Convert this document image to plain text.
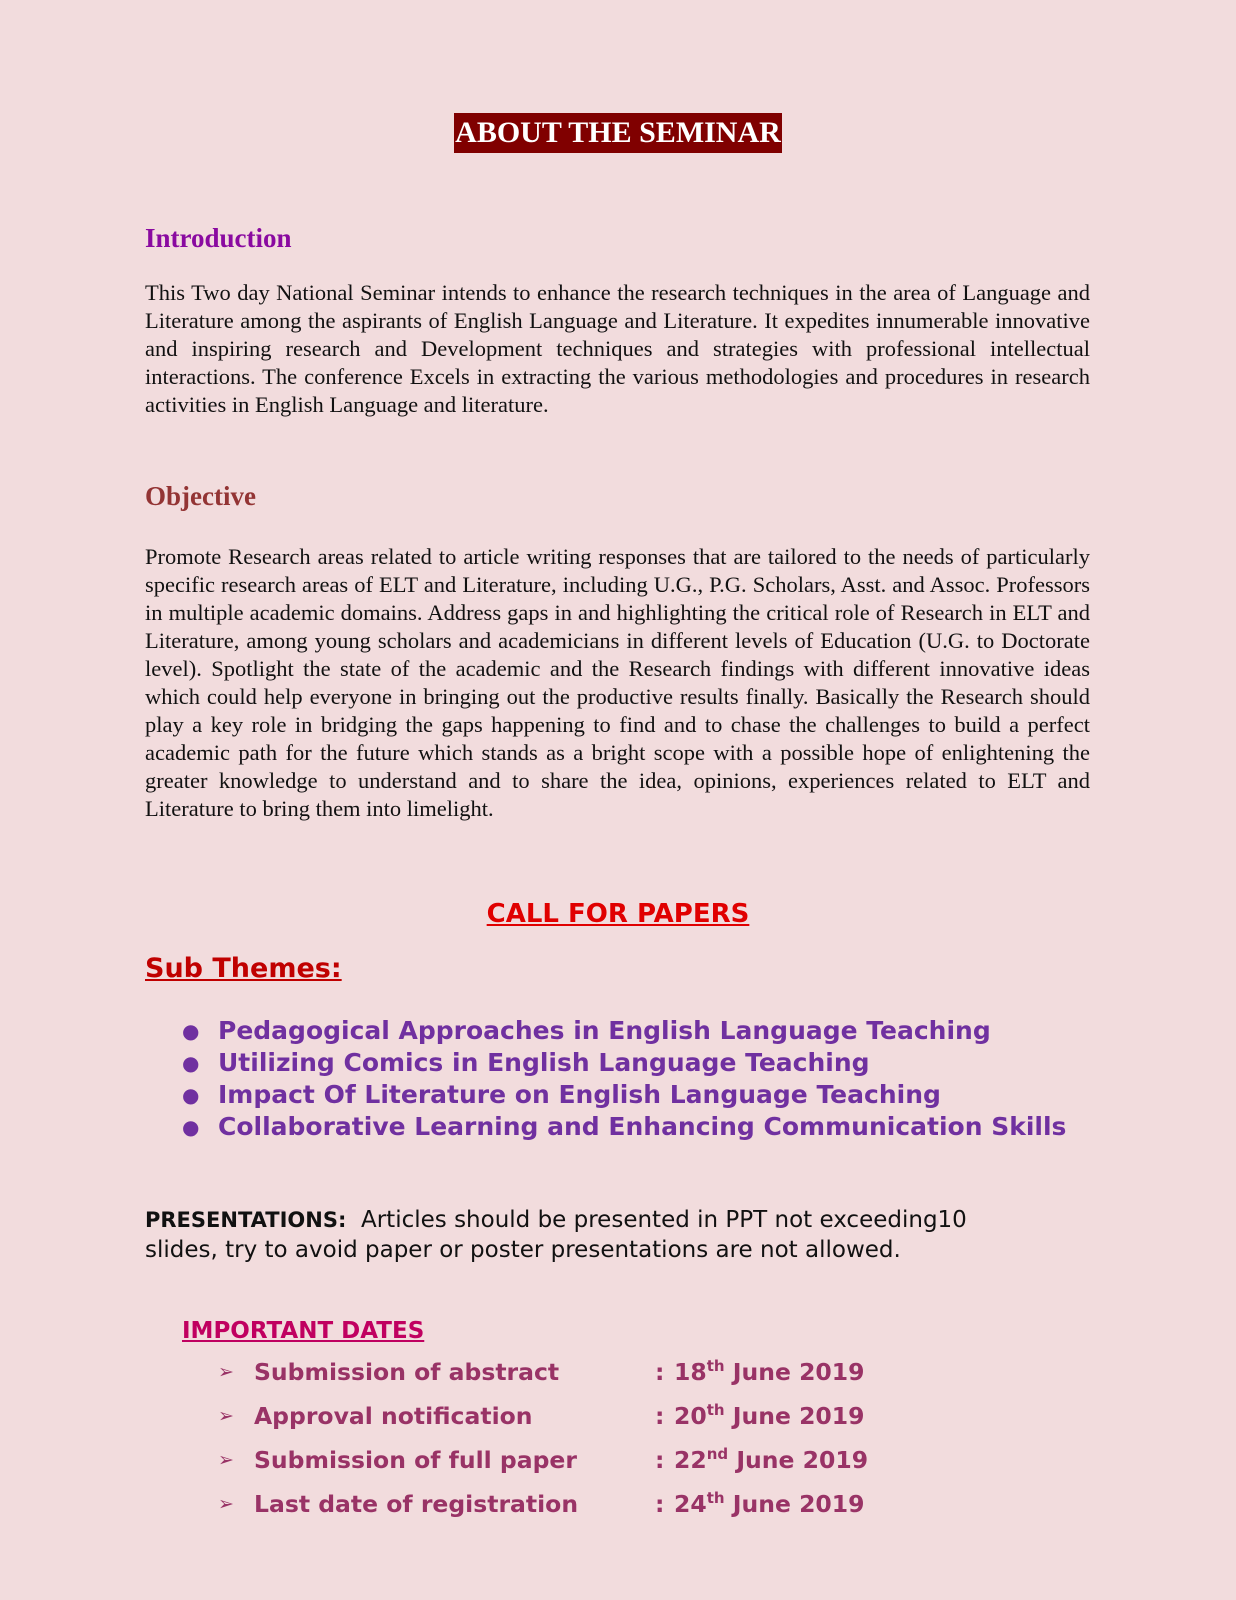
ABOUT THE SEMINAR
Introduction

This Two day National Seminar intends to enhance the research techniques in the area of Language and Literature among the aspirants of English Language and Literature. It expedites innumerable innovative and inspiring research and Development techniques and strategies with professional intellectual interactions. The conference Excels in extracting the various methodologies and procedures in research activities in English Language and literature.

Objective

Promote Research areas related to article writing responses that are tailored to the needs of particularly specific research areas of ELT and Literature, including U.G., P.G. Scholars, Asst. and Assoc. Professors in multiple academic domains. Address gaps in and highlighting the critical role of Research in ELT and Literature, among young scholars and academicians in different levels of Education (U.G. to Doctorate level). Spotlight the state of the academic and the Research findings with different innovative ideas which could help everyone in bringing out the productive results finally. Basically the Research should play a key role in bridging the gaps happening to find and to chase the challenges to build a perfect academic path for the future which stands as a bright scope with a possible hope of enlightening the greater knowledge to understand and to share the idea, opinions, experiences related to ELT and Literature to bring them into limelight.

CALL FOR PAPERS
Sub Themes:
● Pedagogical Approaches in English Language Teaching
● Utilizing Comics in English Language Teaching
● Impact Of Literature on English Language Teaching
● Collaborative Learning and Enhancing Communication Skills

PRESENTATIONS: Articles should be presented in PPT not exceeding10 slides, try to avoid paper or poster presentations are not allowed.

IMPORTANT DATES
➢ Submission of abstract	: 18th June 2019
➢ Approval notification	: 20th June 2019
➢ Submission of full paper	: 22nd June 2019
➢ Last date of registration	: 24th June 2019
